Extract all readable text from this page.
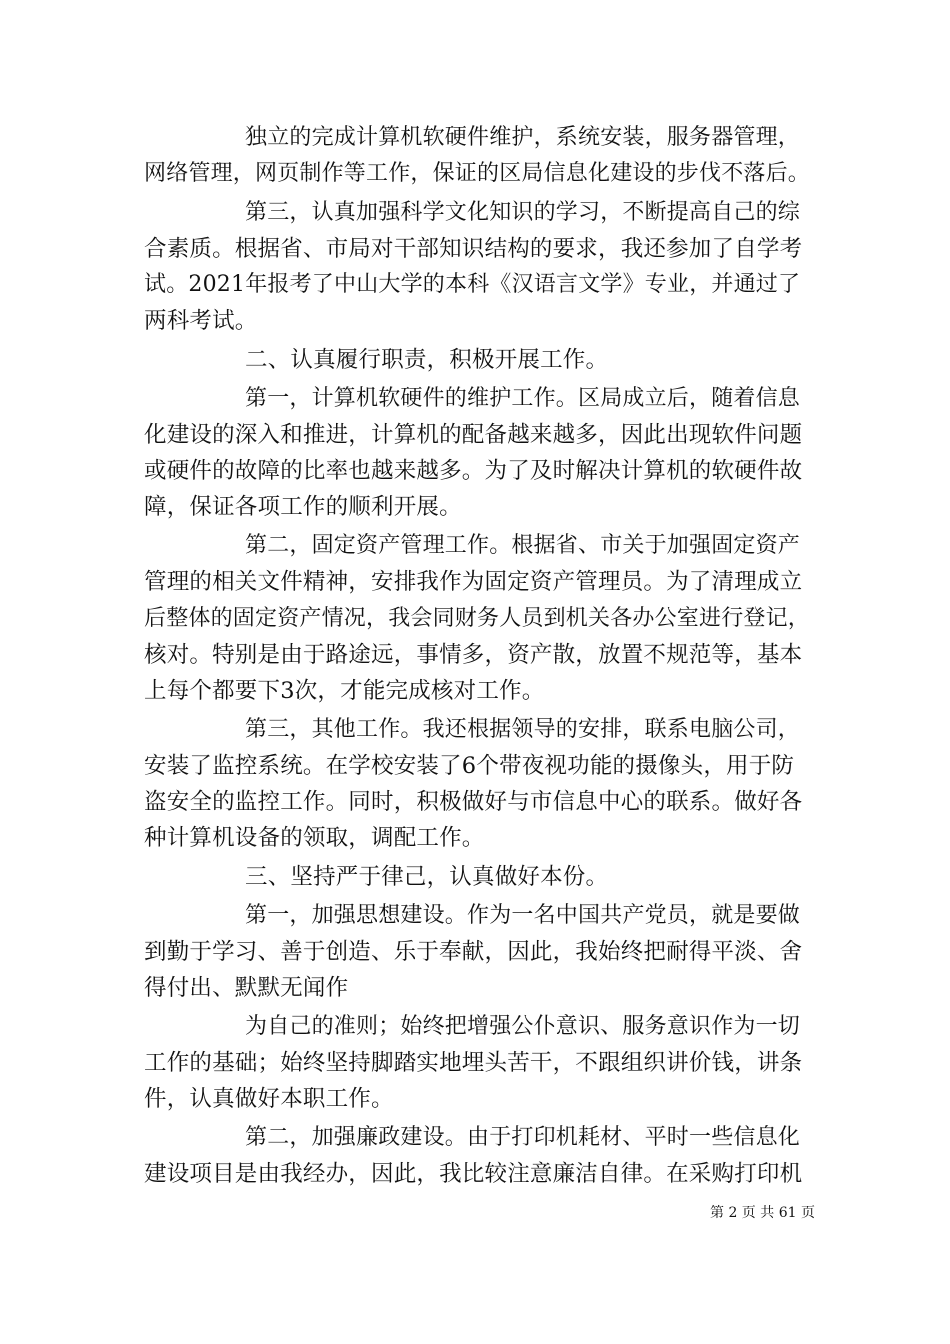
独立的完成计算机软硬件维护，系统安装，服务器管理，
网络管理，网页制作等工作，保证的区局信息化建设的步伐不落后。
第三，认真加强科学文化知识的学习，不断提高自己的综
合素质。根据省、市局对干部知识结构的要求，我还参加了自学考
试。2021年报考了中山大学的本科《汉语言文学》专业，并通过了
两科考试。
二、认真履行职责，积极开展工作。
第一，计算机软硬件的维护工作。区局成立后，随着信息
化建设的深入和推进，计算机的配备越来越多，因此出现软件问题
或硬件的故障的比率也越来越多。为了及时解决计算机的软硬件故
障，保证各项工作的顺利开展。
第二，固定资产管理工作。根据省、市关于加强固定资产
管理的相关文件精神，安排我作为固定资产管理员。为了清理成立
后整体的固定资产情况，我会同财务人员到机关各办公室进行登记，
核对。特别是由于路途远，事情多，资产散，放置不规范等，基本
上每个都要下3次，才能完成核对工作。
第三，其他工作。我还根据领导的安排，联系电脑公司，
安装了监控系统。在学校安装了6个带夜视功能的摄像头，用于防
盗安全的监控工作。同时，积极做好与市信息中心的联系。做好各
种计算机设备的领取，调配工作。
三、坚持严于律己，认真做好本份。
第一，加强思想建设。作为一名中国共产党员，就是要做
到勤于学习、善于创造、乐于奉献，因此，我始终把耐得平淡、舍
得付出、默默无闻作
为自己的准则；始终把增强公仆意识、服务意识作为一切
工作的基础；始终坚持脚踏实地埋头苦干，不跟组织讲价钱，讲条
件，认真做好本职工作。
第二，加强廉政建设。由于打印机耗材、平时一些信息化
建设项目是由我经办，因此，我比较注意廉洁自律。在采购打印机
第 2 页 共 61 页
